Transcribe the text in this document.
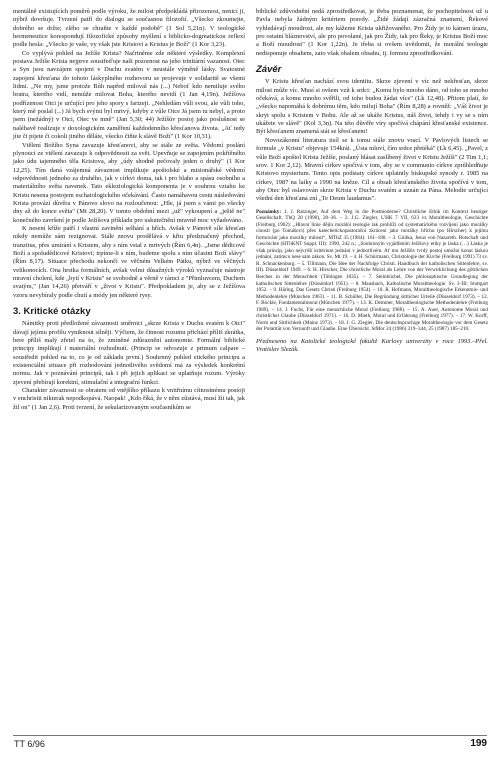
mentálně existujících poměrů podle výroku, že milost předpokládá přirozenost, nenicí ji, nýbrž dovršuje. Tvrzení patří do dialogu se současnou filozofií. „Všecko zkoumejte, dobrého se držte; zlého se chraňte v každé podobě" (1 Sol 5,21n). V teologické hermeneutice korespondují filozofické způsoby myšlení s biblicko-dogmatickou reflexí podle hesla: „Všecko je vaše, vy však jste Kristovi a Kristus je Boží" (1 Kor 3,23).

Co vyplývá pohled na Ježíše Krista? Načrtněme zde některé výsledky. Komplexní postava Ježíše Krista nejprve soustřeďuje naši pozornost na jeho trinitární vazanost. Otec a Syn jsou navzájem spojeni v Duchu svatém v neustále výměně lásky. Svatostné zapojení křesťana do tohoto láskyplného rozhovoru se projevuje v solidaritě se všemi lidmi. „Ne my, jsme protože Bůh napřed miloval nás (...) Neboť kdo nemiluje svého bratra, kterého vidí, nemůže milovat Boha, kterého nevidí (1 Jan 4,19n). Ježíšova podřízenost Otci je určující pro jeho spory s farizeji. „Nehledám vůli svou, ale vůli toho, který mě poslal (...) Já bych svými byl mrtvý, kdyby z vůle Otce Já jsem tu nebyl, a proto jsem (nežádný) v Otci, Otec ve mně" (Jan 5,30; 44) Ježíšův postoj jako poslušnost se naléhavě realizuje v doxologickém zaměření každodenního křesťanova života. „Ať tedy jíte či pijete či cokoli jiného děláte, všecko čiňte k slávě Boží" (1 Kor 10,31).

Vtělení Božího Syna zavazuje křesťanovi, aby se stále ze světa. Vědomí poslání plynoucí ze vtělení zavazuje k odpovědnosti za svět. Upevňuje se zapojením pokřtěného jako údu tajemného těla Kristova, aby „údy shodně pečovaly jeden o druhý" (1 Kor 12,25). Tím daná vzájemná závaznost implikuje apoštolské a misionářské vědomí odpovědnosti jednoho za druhého, jak v církvi doma, tak i pro blaho a spásu osobního a materiálního světa navenek. Tato ekleziologická komponenta je v souhrnu vztahu ke Kristu nesena postojem eschatologického očekávání. Často namáhavou cestu následování Krista provází důvěra v Pánovo slovo na rozloučenou: „Hle, já jsem s vámi po všecky dny až do konce světa" (Mt 28,20). V tomto obdobní mezi „už" vykoupení a „ještě ne" konečného završení je podle Ježíšova příkladu pro uskutečnění mravně moc vyžadováno.

K nesení kříže patří i vlastní zavinění selhání a hřích. Avšak v Pánově síle křesťan nikdy nemůže sám rezignovat. Stále znovu prodělává v křtu předznačený přechod, tranzitus, přes umírání s Kristem, aby s ním vstal z mrtvých (Řím 6,4n). „Jsme dědicové Boží a spoludědicové Kristovi; trpíme-li s ním, budeme spolu s ním účastni Boží slávy" (Řím 8,17). Situace přechodu nekončí ve věčném Velkém Pátku, nýbrž ve věčných velikonocích. Ona hrstka formálních, avšak velmi důsažných výroků vyznačuje nástroje mravní cholení, kde „bytí v Kristu" se svobodně a věrně v rámci z "Přimluvcem, Duchem svatým," (Jan 14,26) přetváří v „život v Kristu". Předpokladem je, aby se z Ježíšova vzoru nevybíraly podle chutí a módy jen některé rysy.

3. Kritické otázky

Námitky proti předložené závaznosti směrnici „skrze Krista v Duchu svatém k Otci" dávají jejímu profilu vyniknout silněji. Výčtem, že činnost rozumu přichází příliš zkrátka, bere příliš malý zřetel na to, že zmíněné zdůraznění autonomie. Formální biblické principy implikují i materiální rozhodnutí. (Princip se odvozuje z primum calpare – soustředit pohled na to, co je od základu první.) Souhrnný pohled etického principu a existenciální situace při rozhodování jednotlivého svědomí má za výsledek konkrétní normu. Jak v poznávání principů, tak i při jejich aplikaci se uplatňuje rozum. Výroky zjevení přebírají korektní, stimulační a integrační funkci.

Charakter závaznosti se obratem od vnějšího příkazu k vnitřnímu cítnostnému postoji v enchristii nikterak nepodkopává. Naopak! „Kdo říká, že v něm zůstává, musí žít tak, jak žil on" (1 Jan 2,6). Proti tvrzení, že sekularizovaným současníkům se

biblické zdůvodnění nedá zprostředkovat, je třeba poznamenat, že pochopitelnost už u Pavla nebyla žádným kritériem pravdy. „Židé žádají zázračná znamení, Řekové vyhledávají moudrost, ale my kážeme Krista ukřižovaného. Pro Židy je to kámen úrazu, pro ostatní bláznovství, ale pro povolané, jak pro Židy, tak pro Řeky, je Kristus Boží moc a Boží moudrost" (1 Kor 1,22n). Je třeba si ovšem uvědomit, že morální teologie nedisponuje obsahem, zato však obalem obsahu, tj. formou zprostředkování.

Závěr

V Kristu křesťan nachází svou identitu. Skrze zjevení v víc než nekřesťan, skrze milost může víc. Musí si ovšem vzít k srdci: „Komu bylo mnoho dáno, od toho se mnoho očekává, a komu mnoho svěřili, od toho budou žádat více" (Lk 12,48). Přitom platí, že „všecko napomáhá k dobrému těm, kdo milují Boha" (Řím 8,28) a rovněž: „Váš život je skryt spolu s Kristem v Bohu. Ale až se ukáže Kristus, náš život, tehdy i vy se s ním ukážete ve slávě" (Kol 3,3n). Na této důvěře víry spočívá chápání křesťanské existence. Být křesťanem znamená stát se křesťanem!

Novozákonní literatura tisíl se k tomu stále znovu vrací. V Pavlových listech se formule „v Kristu" objevuje 154krát. „Ústa mluví, čím srdce přetéká" (Lk 6,45). „Pavel, z vůle Boží apoštol Krista Ježíše, poslaný hlásat zaslíbený život v Kristu Ježíši" (2 Tim 1,1; srov. 1 Kor 2,12). Mravní církev spočívá v tom, aby se v communio církve zprůhledňuje Kristovo mysterium. Tento opis podstaty církve uplatnily biskupské synody r. 1985 na církev, 1987 na laiky a 1990 na kněze. Cíl a obsah křesťanského života spočívá v tom, aby Otec byl oslavován skrze Krista v Duchu svatém a uznán za Pána. Melodie určující všední den křesťana zní „Te Deum laudamus".

Poznámky: 1. J. Ratzinger, Auf dem Weg in die Postmoderne? Christliche Ethik im Kontext heutiger Gesellschaft. ThQ 20 (1990), 20–36. – 2. J.G. Ziegler, L'HK 7 VII, 623 vz Moraltheologie, Geschichte (Freiburg 1962): „Hlavní linie dějin morální teologie tak prohlíží od systematického rozvíjení jako morálky cínosti (po Tomášovi) přes katechetickopastorační zkrácení jako morálky hříchu (po Hirscher) k jejímu formování jako morálky milosti“, MThZ 35 (1984): 161–180. – 3. Gnilka, Jesus von Nazareth. Botschaft und Geschichte (HThKNT Suppl. III): 1990, 242 n.; „Souhrnným vyjádřením Ježíšovy etiky je láska (…) Láska je však princip, jako nejvyšší kritérium jednání v jednotlivém. Ať mu Ježíšův tvrdý postoj umožní konat láskou jednání, zatímco nese sám zákon. Sv. Mt 19. – 4. H. Schürmann, Christologie der Kirche (Freiburg 1991) 73 sv. R. Schnackenburg. – 5. Tillmann, Die Idee der Nachfolge Christi. Handbuch der katholischen Sittenlehre, sv. III). Düsseldorf 1949. – 6. H. Hirscher, Die christliche Moral als Lehre von der Verwirklichung des göttlichen Reiches in der Menschheit (Tübingen 1835). – 7. Steinbüchel, Die philosophische Grundlegung der katholischen Sittenlehre (Düsseldorf 1951). – 8. Mausbach, Katholische Moraltheologie. Sv. I–III. Stuttgart 1952. – 9. Häring, Das Gesetz Christi (Freiburg 1954). – 10. R. Hofmann, Moraltheologische Erkenntnis- und Methodenlehre (München 1963). – 11. B. Schüller, Die Begründung sittlicher Urteile (Düsseldorf 1973). – 12. F. Böckle, Fundamentalmoral (München 1977). – 13. K. Demmer, Moraltheologische Methodenlehre (Freiburg 1989). – 14. J. Fuchs, Für eine menschliche Moral (Freiburg 1988). – 15. A. Auer, Autonome Moral und christlicher Glaube (Düsseldorf 1971). – 16. D. Mieth, Moral und Erfahrung (Freiburg 1977). – 17. W. Korff, Norm und Sittlichkeit (Mainz 1973). – 18. J. G. Ziegler, Die deutschsprachige Moraltheologie vor dem Gesetz der Polarität von Vernunft und Glaube. Eine Übersicht. StMor 24 (1986) 319–344, 25 (1987) 185–210.
Předneseno na Katolické teologické fakultě Karlovy univerzity v roce 1993.–Přel. Vratislav Slezák.
TT 6/96	199
